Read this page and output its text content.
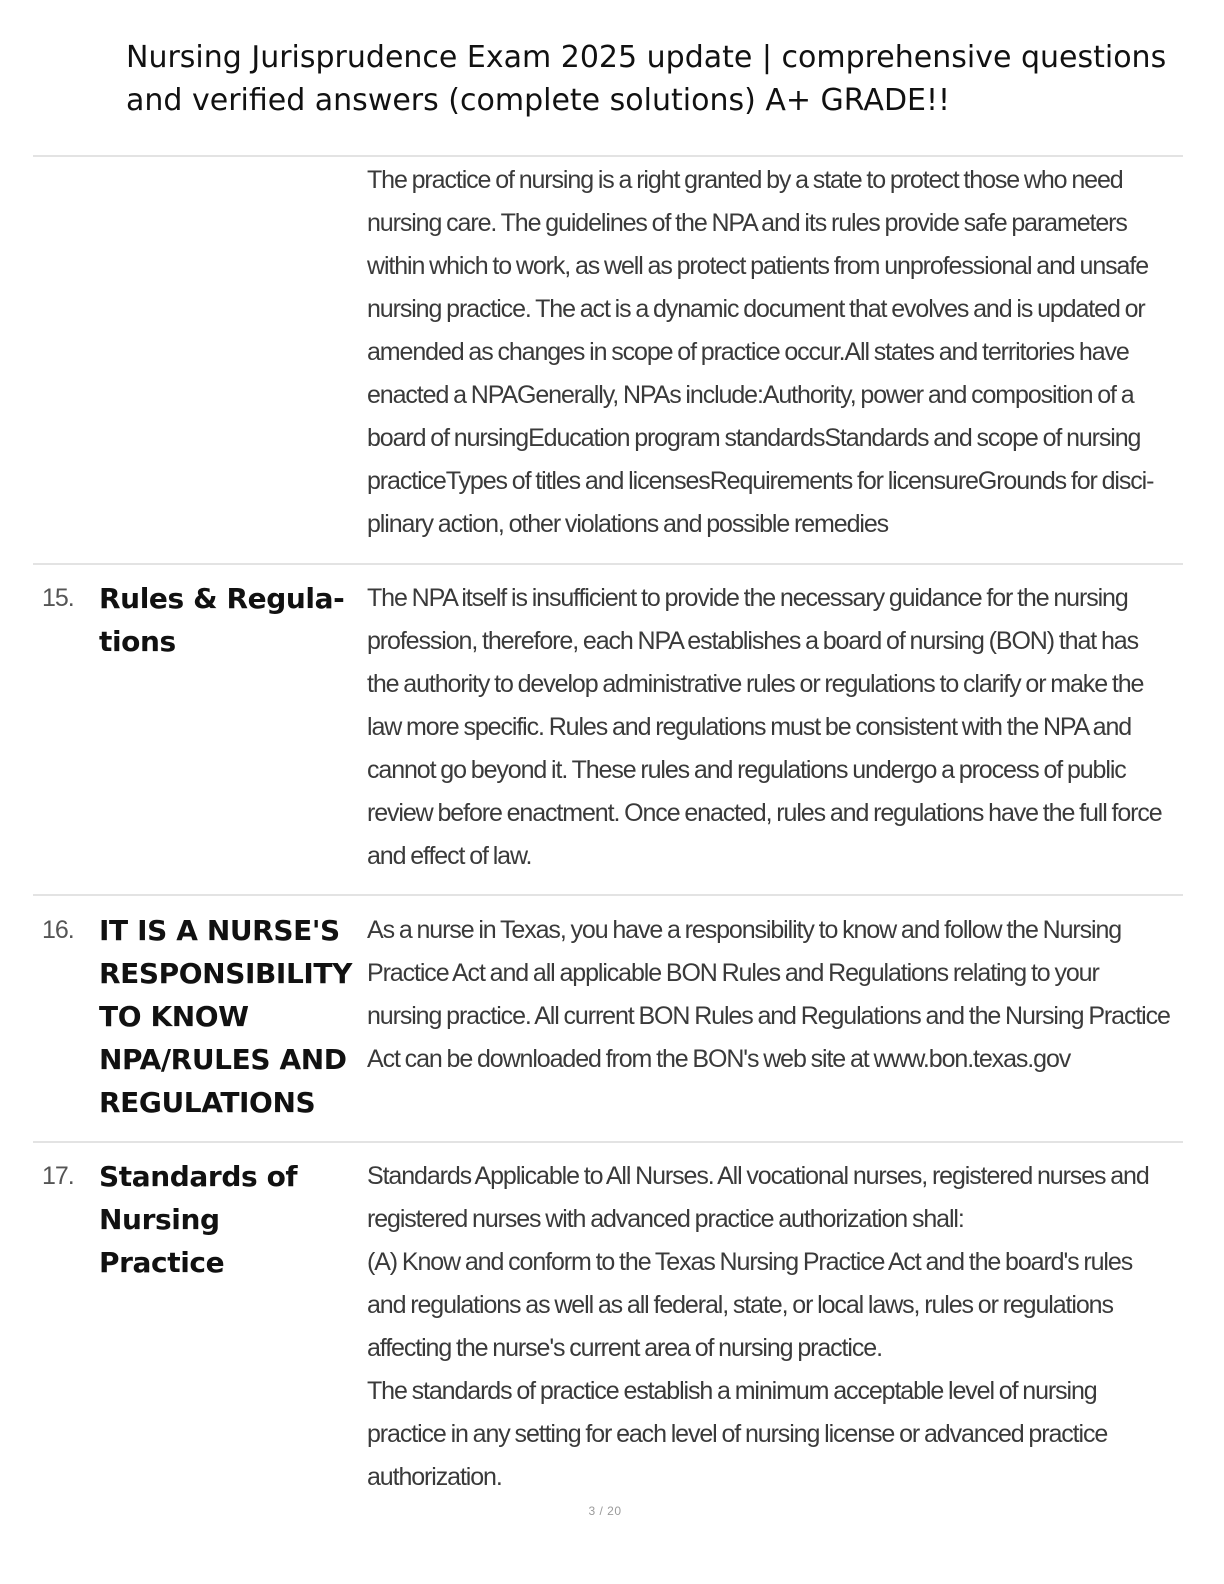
Nursing Jurisprudence Exam 2025 update | comprehensive questions and verified answers (complete solutions) A+ GRADE!!

The practice of nursing is a right granted by a state to protect those who need nursing care. The guidelines of the NPA and its rules provide safe parameters within which to work, as well as protect patients from unprofessional and unsafe nursing practice. The act is a dynamic document that evolves and is updated or amended as changes in scope of practice occur.All states and territories have enacted a NPAGenerally, NPAs include:Authority, power and composition of a board of nursingEducation program standardsStandards and scope of nursing practiceTypes of titles and licensesRequirements for licensureGrounds for disci-plinary action, other violations and possible remedies

15. Rules & Regula-tions

The NPA itself is insufficient to provide the necessary guidance for the nursing profession, therefore, each NPA establishes a board of nursing (BON) that has the authority to develop administrative rules or regulations to clarify or make the law more specific. Rules and regulations must be consistent with the NPA and cannot go beyond it. These rules and regulations undergo a process of public review before enactment. Once enacted, rules and regulations have the full force and effect of law.

16. IT IS A NURSE'S RESPONSIBILITY TO KNOW NPA/RULES AND REGULATIONS

As a nurse in Texas, you have a responsibility to know and follow the Nursing Practice Act and all applicable BON Rules and Regulations relating to your nursing practice. All current BON Rules and Regulations and the Nursing Practice Act can be downloaded from the BON's web site at www.bon.texas.gov

17. Standards of Nursing Practice

Standards Applicable to All Nurses. All vocational nurses, registered nurses and registered nurses with advanced practice authorization shall:

(A) Know and conform to the Texas Nursing Practice Act and the board's rules and regulations as well as all federal, state, or local laws, rules or regulations affecting the nurse's current area of nursing practice.

The standards of practice establish a minimum acceptable level of nursing practice in any setting for each level of nursing license or advanced practice authorization.

3 / 20
